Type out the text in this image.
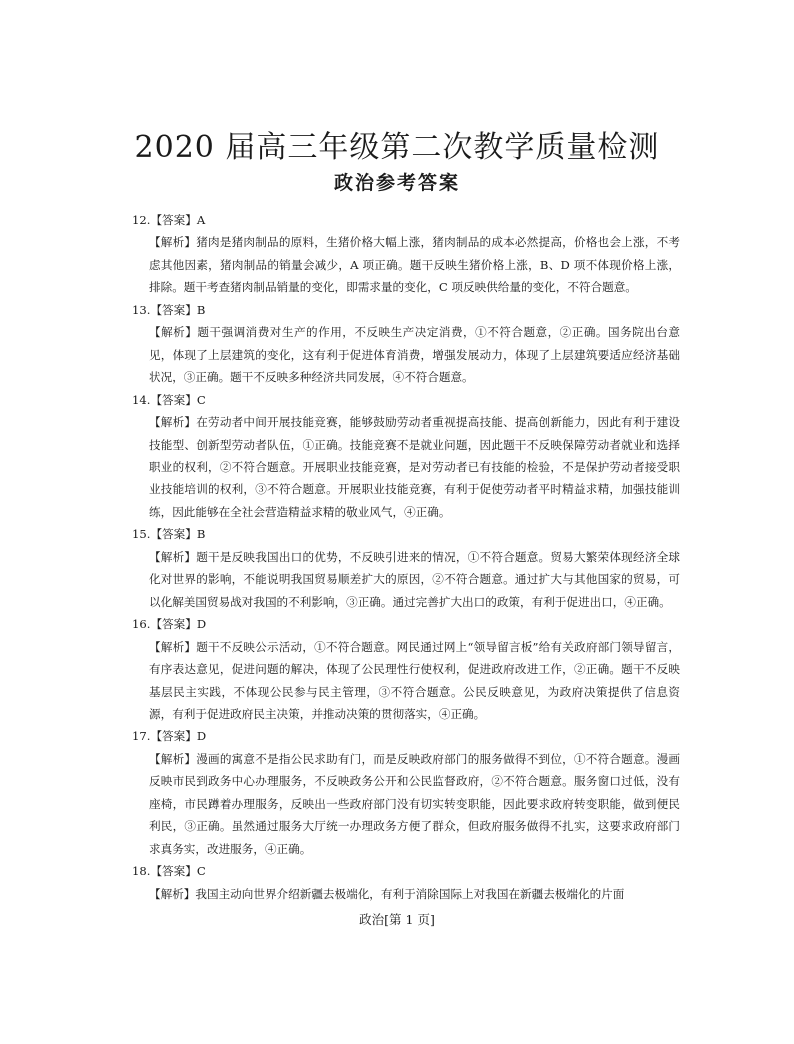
2020 届高三年级第二次教学质量检测
政治参考答案
12.【答案】A
【解析】猪肉是猪肉制品的原料，生猪价格大幅上涨，猪肉制品的成本必然提高，价格也会上涨，不考虑其他因素，猪肉制品的销量会减少，A 项正确。题干反映生猪价格上涨，B、D 项不体现价格上涨，排除。题干考查猪肉制品销量的变化，即需求量的变化，C 项反映供给量的变化，不符合题意。
13.【答案】B
【解析】题干强调消费对生产的作用，不反映生产决定消费，①不符合题意，②正确。国务院出台意见，体现了上层建筑的变化，这有利于促进体育消费，增强发展动力，体现了上层建筑要适应经济基础状况，③正确。题干不反映多种经济共同发展，④不符合题意。
14.【答案】C
【解析】在劳动者中间开展技能竞赛，能够鼓励劳动者重视提高技能、提高创新能力，因此有利于建设技能型、创新型劳动者队伍，①正确。技能竞赛不是就业问题，因此题干不反映保障劳动者就业和选择职业的权利，②不符合题意。开展职业技能竞赛，是对劳动者已有技能的检验，不是保护劳动者接受职业技能培训的权利，③不符合题意。开展职业技能竞赛，有利于促使劳动者平时精益求精，加强技能训练，因此能够在全社会营造精益求精的敬业风气，④正确。
15.【答案】B
【解析】题干是反映我国出口的优势，不反映引进来的情况，①不符合题意。贸易大繁荣体现经济全球化对世界的影响，不能说明我国贸易顺差扩大的原因，②不符合题意。通过扩大与其他国家的贸易，可以化解美国贸易战对我国的不利影响，③正确。通过完善扩大出口的政策，有利于促进出口，④正确。
16.【答案】D
【解析】题干不反映公示活动，①不符合题意。网民通过网上“领导留言板”给有关政府部门领导留言，有序表达意见，促进问题的解决，体现了公民理性行使权利，促进政府改进工作，②正确。题干不反映基层民主实践，不体现公民参与民主管理，③不符合题意。公民反映意见，为政府决策提供了信息资源，有利于促进政府民主决策，并推动决策的贯彻落实，④正确。
17.【答案】D
【解析】漫画的寓意不是指公民求助有门，而是反映政府部门的服务做得不到位，①不符合题意。漫画反映市民到政务中心办理服务，不反映政务公开和公民监督政府，②不符合题意。服务窗口过低，没有座椅，市民蹲着办理服务，反映出一些政府部门没有切实转变职能，因此要求政府转变职能，做到便民利民，③正确。虽然通过服务大厅统一办理政务方便了群众，但政府服务做得不扎实，这要求政府部门求真务实，改进服务，④正确。
18.【答案】C
【解析】我国主动向世界介绍新疆去极端化，有利于消除国际上对我国在新疆去极端化的片面
政治[第 1 页]
